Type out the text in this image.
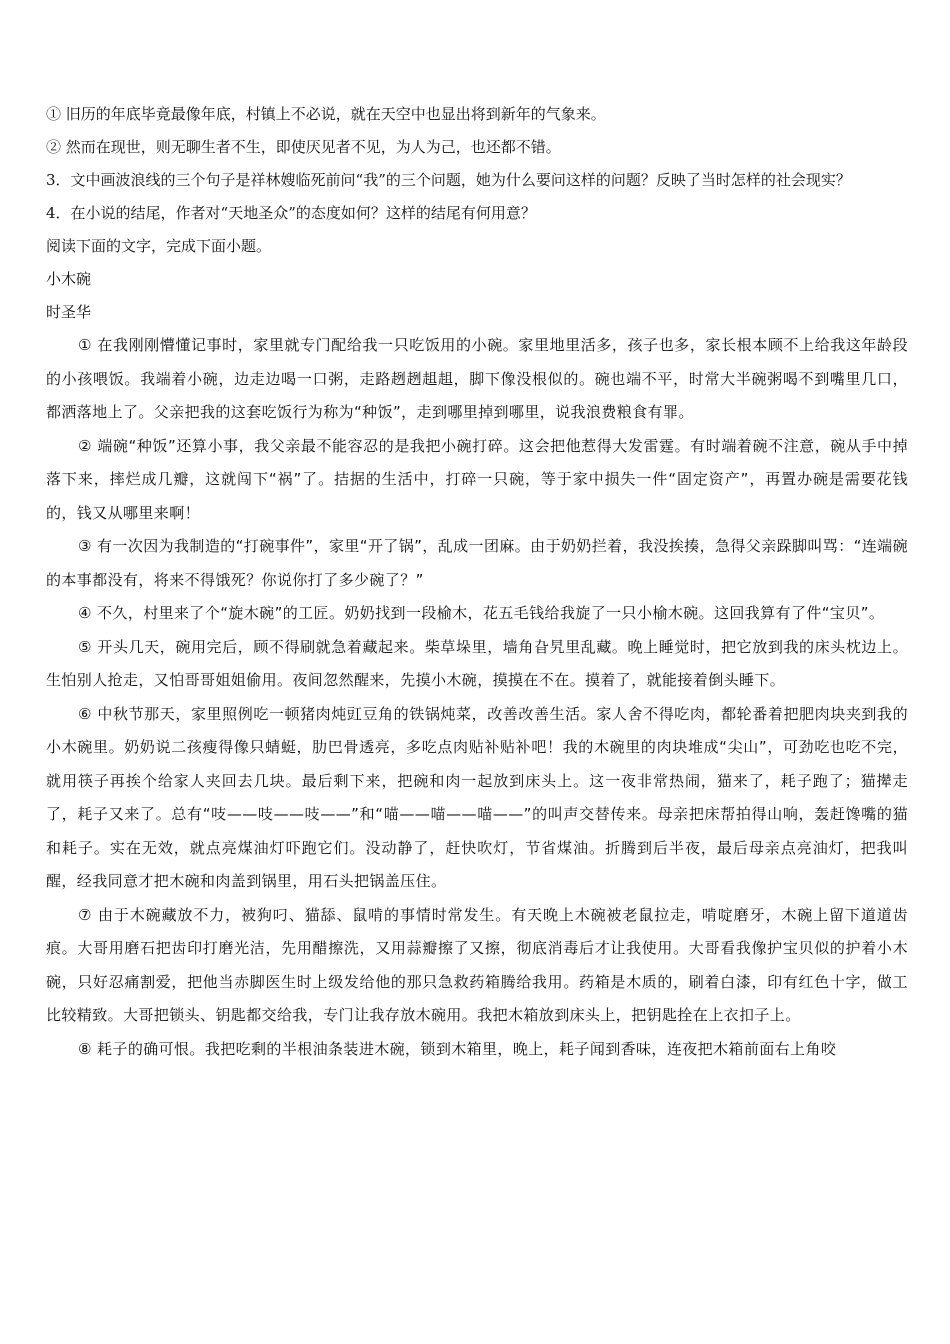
① 旧历的年底毕竟最像年底，村镇上不必说，就在天空中也显出将到新年的气象来。

② 然而在现世，则无聊生者不生，即使厌见者不见，为人为己，也还都不错。

3．文中画波浪线的三个句子是祥林嫂临死前问“我”的三个问题，她为什么要问这样的问题？反映了当时怎样的社会现实？

4．在小说的结尾，作者对“天地圣众”的态度如何？这样的结尾有何用意？

阅读下面的文字，完成下面小题。

小木碗

时圣华

① 在我刚刚懵懂记事时，家里就专门配给我一只吃饭用的小碗。家里地里活多，孩子也多，家长根本顾不上给我这年龄段的小孩喂饭。我端着小碗，边走边喝一口粥，走路趔趔趄趄，脚下像没根似的。碗也端不平，时常大半碗粥喝不到嘴里几口，都洒落地上了。父亲把我的这套吃饭行为称为“种饭”，走到哪里掉到哪里，说我浪费粮食有罪。

② 端碗“种饭”还算小事，我父亲最不能容忍的是我把小碗打碎。这会把他惹得大发雷霆。有时端着碗不注意，碗从手中掉落下来，摔烂成几瓣，这就闯下“祸”了。拮据的生活中，打碎一只碗，等于家中损失一件“固定资产”，再置办碗是需要花钱的，钱又从哪里来啊！

③ 有一次因为我制造的“打碗事件”，家里“开了锅”，乱成一团麻。由于奶奶拦着，我没挨揍，急得父亲跺脚叫骂：“连端碗的本事都没有，将来不得饿死？你说你打了多少碗了？”

④ 不久，村里来了个“旋木碗”的工匠。奶奶找到一段榆木，花五毛钱给我旋了一只小榆木碗。这回我算有了件“宝贝”。

⑤ 开头几天，碗用完后，顾不得刷就急着藏起来。柴草垛里，墙角旮旯里乱藏。晚上睡觉时，把它放到我的床头枕边上。生怕别人抢走，又怕哥哥姐姐偷用。夜间忽然醒来，先摸小木碗，摸摸在不在。摸着了，就能接着倒头睡下。

⑥ 中秋节那天，家里照例吃一顿猪肉炖豇豆角的铁锅炖菜，改善改善生活。家人舍不得吃肉，都轮番着把肥肉块夹到我的小木碗里。奶奶说二孩瘦得像只蜻蜓，肋巴骨透亮，多吃点肉贴补贴补吧！我的木碗里的肉块堆成“尖山”，可劲吃也吃不完，就用筷子再挨个给家人夹回去几块。最后剩下来，把碗和肉一起放到床头上。这一夜非常热闹，猫来了，耗子跑了；猫撵走了，耗子又来了。总有“吱——吱——吱——”和“喵——喵——喵——”的叫声交替传来。母亲把床帮拍得山响，轰赶馋嘴的猫和耗子。实在无效，就点亮煤油灯吓跑它们。没动静了，赶快吹灯，节省煤油。折腾到后半夜，最后母亲点亮油灯，把我叫醒，经我同意才把木碗和肉盖到锅里，用石头把锅盖压住。

⑦ 由于木碗藏放不力，被狗叼、猫舔、鼠啃的事情时常发生。有天晚上木碗被老鼠拉走，啃啶磨牙，木碗上留下道道齿痕。大哥用磨石把齿印打磨光洁，先用醋擦洗，又用蒜瓣擦了又擦，彻底消毒后才让我使用。大哥看我像护宝贝似的护着小木碗，只好忍痛割爱，把他当赤脚医生时上级发给他的那只急救药箱腾给我用。药箱是木质的，刷着白漆，印有红色十字，做工比较精致。大哥把锁头、钥匙都交给我，专门让我存放木碗用。我把木箱放到床头上，把钥匙拴在上衣扣子上。

⑧ 耗子的确可恨。我把吃剩的半根油条装进木碗，锁到木箱里，晚上，耗子闻到香味，连夜把木箱前面右上角咬
